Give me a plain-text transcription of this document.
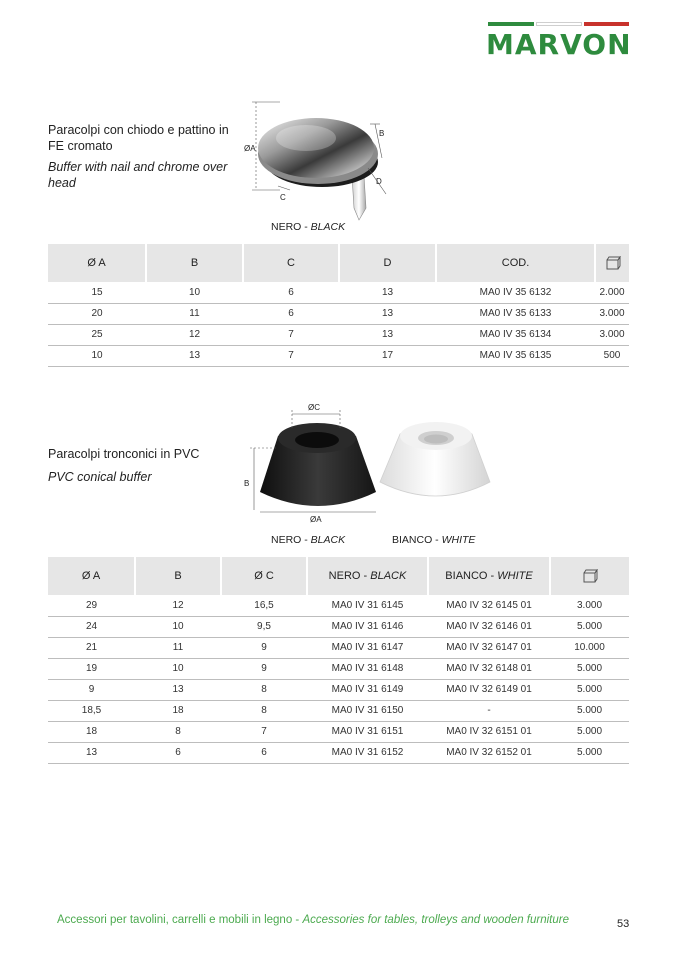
MARVON
Paracolpi con chiodo e pattino in FE cromato
Buffer with nail and chrome over head
ØA
B
D
C
NERO - BLACK
Ø A	B	C	D	COD.	
15	10	6	13	MA0 IV 35 6132	2.000
20	11	6	13	MA0 IV 35 6133	3.000
25	12	7	13	MA0 IV 35 6134	3.000
10	13	7	17	MA0 IV 35 6135	500
Paracolpi tronconici in PVC
PVC conical buffer
ØC
B
ØA
NERO - BLACK	BIANCO - WHITE
Ø A	B	Ø C	NERO - BLACK	BIANCO - WHITE	
29	12	16,5	MA0 IV 31 6145	MA0 IV 32 6145 01	3.000
24	10	9,5	MA0 IV 31 6146	MA0 IV 32 6146 01	5.000
21	11	9	MA0 IV 31 6147	MA0 IV 32 6147 01	10.000
19	10	9	MA0 IV 31 6148	MA0 IV 32 6148 01	5.000
9	13	8	MA0 IV 31 6149	MA0 IV 32 6149 01	5.000
18,5	18	8	MA0 IV 31 6150	-	5.000
18	8	7	MA0 IV 31 6151	MA0 IV 32 6151 01	5.000
13	6	6	MA0 IV 31 6152	MA0 IV 32 6152 01	5.000
Accessori per tavolini, carrelli e mobili in legno - Accessories for tables, trolleys and wooden furniture	53
